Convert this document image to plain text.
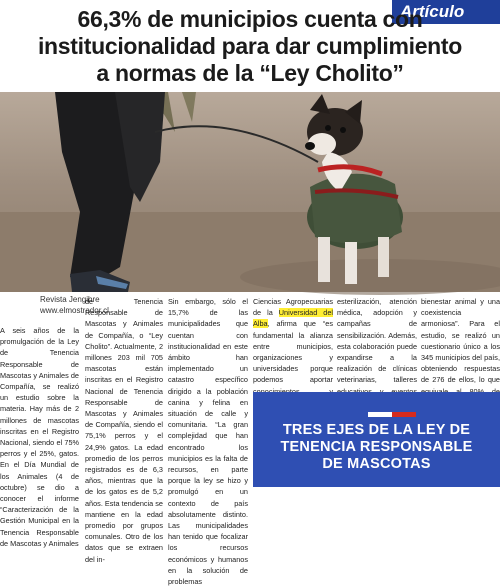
Artículo
66,3% de municipios cuenta con
institucionalidad para dar cumplimiento
a normas de la “Ley Cholito”
Revista Jengibre
www.elmostrador.cl

A seis años de la promulgación de la Ley de Tenencia Responsable de Mascotas y Animales de Compañía, se realizó un estudio sobre la materia. Hay más de 2 millones de mascotas inscritas en el Registro Nacional, siendo el 75% perros y el 25%, gatos. En el Día Mundial de los Animales (4 de octubre) se dio a conocer el informe “Caracterización de la Gestión Municipal en la Tenencia Responsable de Mascotas y Animales

de Tenencia Responsable de Mascotas y Animales de Compañía, o “Ley Cholito”. Actualmente, 2 millones 203 mil 705 mascotas están inscritas en el Registro Nacional de Tenencia Responsable de Mascotas y Animales de Compañía, siendo el 75,1% perros y el 24,9% gatos. La edad promedio de los perros registrados es de 6,3 años, mientras que la de los gatos es de 5,2 años. Esta tendencia se mantiene en la edad promedio por grupos comunales. Otro de los datos que se extraen del in-

Sin embargo, sólo el 15,7% de las municipalidades que cuentan con institucionalidad en este ámbito han implementado un catastro específico dirigido a la población canina y felina en situación de calle y comunitaria. “La gran complejidad que han encontrado los municipios es la falta de recursos, en parte porque la ley se hizo y promulgó en un contexto de país absolutamente distinto. Las municipalidades han tenido que focalizar los recursos económicos y humanos en la solución de problemas

Ciencias Agropecuarias de la Universidad del Alba, afirma que “es fundamental la alianza entre municipios, organizaciones y universidades porque podemos aportar

esterilización, atención médica, adopción y campañas de sensibilización. Además, esta colaboración puede expandirse a la realización de clínicas veterinarias, talleres

bienestar animal y una coexistencia armoniosa”. Para el estudio, se realizó un cuestionario único a los 345 municipios del país, obteniendo respuestas de 276 de ellos, lo que

TRES EJES DE LA LEY DE
TENENCIA RESPONSABLE
DE MASCOTAS
